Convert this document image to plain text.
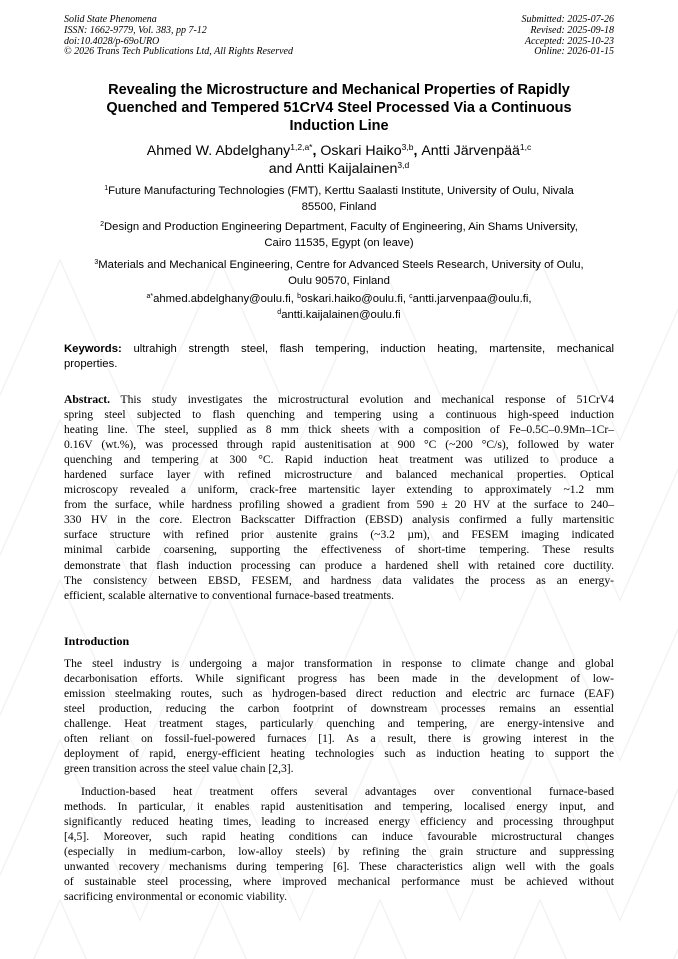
Solid State Phenomena
ISSN: 1662-9779, Vol. 383, pp 7-12
doi:10.4028/p-69oURO
© 2026 Trans Tech Publications Ltd, All Rights Reserved
Submitted: 2025-07-26
Revised: 2025-09-18
Accepted: 2025-10-23
Online: 2026-01-15
Revealing the Microstructure and Mechanical Properties of Rapidly
Quenched and Tempered 51CrV4 Steel Processed Via a Continuous
Induction Line
Ahmed W. Abdelghany$^{1,2,a*}$, Oskari Haiko$^{3,b}$, Antti Järvenpää$^{1,c}$
and Antti Kaijalainen$^{3,d}$
$^1$Future Manufacturing Technologies (FMT), Kerttu Saalasti Institute, University of Oulu, Nivala
85500, Finland
$^2$Design and Production Engineering Department, Faculty of Engineering, Ain Shams University,
Cairo 11535, Egypt (on leave)
$^3$Materials and Mechanical Engineering, Centre for Advanced Steels Research, University of Oulu,
Oulu 90570, Finland
$^{a*}$ahmed.abdelghany@oulu.fi, $^b$oskari.haiko@oulu.fi, $^c$antti.jarvenpaa@oulu.fi,
$^d$antti.kaijalainen@oulu.fi
Keywords: ultrahigh strength steel, flash tempering, induction heating, martensite, mechanical
properties.
Abstract. This study investigates the microstructural evolution and mechanical response of 51CrV4
spring steel subjected to flash quenching and tempering using a continuous high-speed induction
heating line. The steel, supplied as 8 mm thick sheets with a composition of Fe–0.5C–0.9Mn–1Cr–
0.16V (wt.%), was processed through rapid austenitisation at 900 °C (~200 °C/s), followed by water
quenching and tempering at 300 °C. Rapid induction heat treatment was utilized to produce a
hardened surface layer with refined microstructure and balanced mechanical properties. Optical
microscopy revealed a uniform, crack-free martensitic layer extending to approximately ~1.2 mm
from the surface, while hardness profiling showed a gradient from 590 ± 20 HV at the surface to 240–
330 HV in the core. Electron Backscatter Diffraction (EBSD) analysis confirmed a fully martensitic
surface structure with refined prior austenite grains (~3.2 µm), and FESEM imaging indicated
minimal carbide coarsening, supporting the effectiveness of short-time tempering. These results
demonstrate that flash induction processing can produce a hardened shell with retained core ductility.
The consistency between EBSD, FESEM, and hardness data validates the process as an energy-
efficient, scalable alternative to conventional furnace-based treatments.
Introduction
The steel industry is undergoing a major transformation in response to climate change and global
decarbonisation efforts. While significant progress has been made in the development of low-
emission steelmaking routes, such as hydrogen-based direct reduction and electric arc furnace (EAF)
steel production, reducing the carbon footprint of downstream processes remains an essential
challenge. Heat treatment stages, particularly quenching and tempering, are energy-intensive and
often reliant on fossil-fuel-powered furnaces [1]. As a result, there is growing interest in the
deployment of rapid, energy-efficient heating technologies such as induction heating to support the
green transition across the steel value chain [2,3].
Induction-based heat treatment offers several advantages over conventional furnace-based
methods. In particular, it enables rapid austenitisation and tempering, localised energy input, and
significantly reduced heating times, leading to increased energy efficiency and processing throughput
[4,5]. Moreover, such rapid heating conditions can induce favourable microstructural changes
(especially in medium-carbon, low-alloy steels) by refining the grain structure and suppressing
unwanted recovery mechanisms during tempering [6]. These characteristics align well with the goals
of sustainable steel processing, where improved mechanical performance must be achieved without
sacrificing environmental or economic viability.
